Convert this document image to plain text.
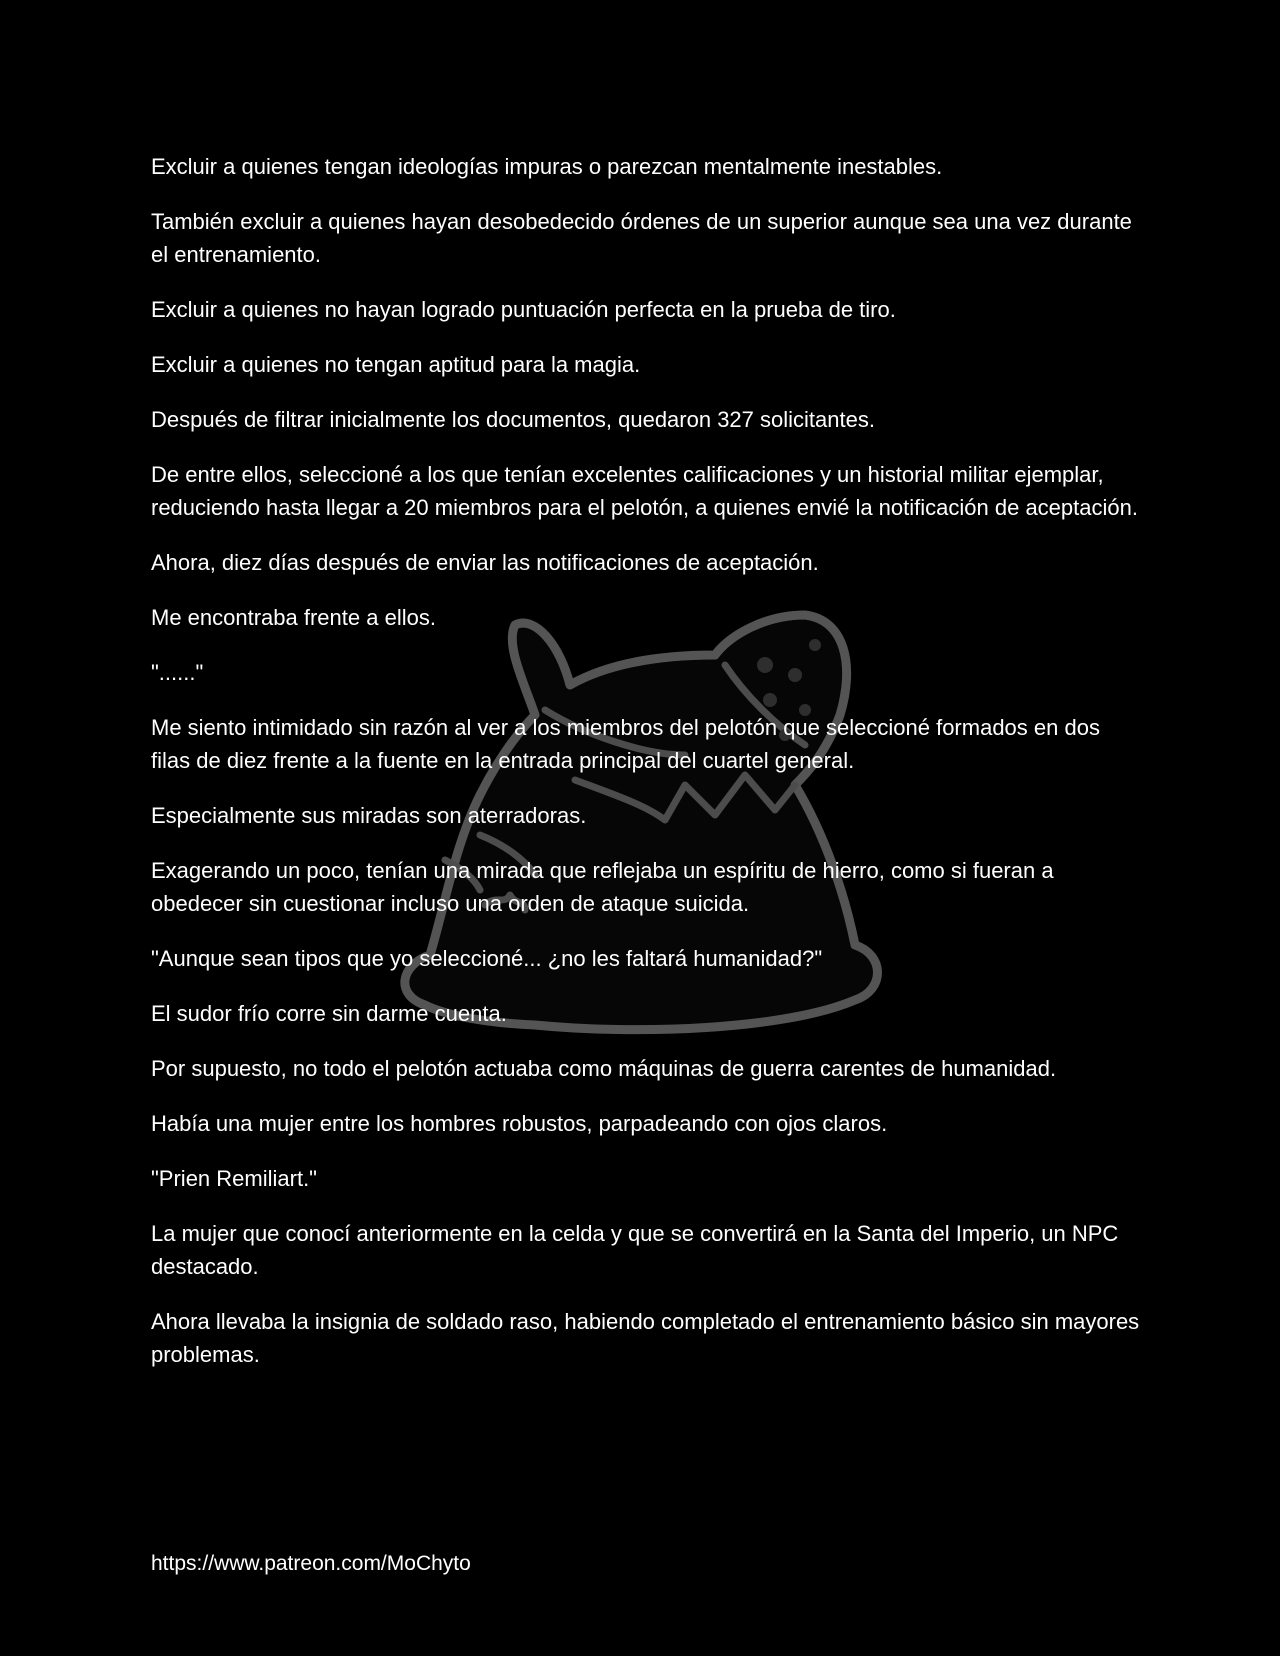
Excluir a quienes tengan ideologías impuras o parezcan mentalmente inestables.

También excluir a quienes hayan desobedecido órdenes de un superior aunque sea una vez durante el entrenamiento.

Excluir a quienes no hayan logrado puntuación perfecta en la prueba de tiro.

Excluir a quienes no tengan aptitud para la magia.

Después de filtrar inicialmente los documentos, quedaron 327 solicitantes.

De entre ellos, seleccioné a los que tenían excelentes calificaciones y un historial militar ejemplar, reduciendo hasta llegar a 20 miembros para el pelotón, a quienes envié la notificación de aceptación.

Ahora, diez días después de enviar las notificaciones de aceptación.

Me encontraba frente a ellos.

"......"

Me siento intimidado sin razón al ver a los miembros del pelotón que seleccioné formados en dos filas de diez frente a la fuente en la entrada principal del cuartel general.

Especialmente sus miradas son aterradoras.

Exagerando un poco, tenían una mirada que reflejaba un espíritu de hierro, como si fueran a obedecer sin cuestionar incluso una orden de ataque suicida.

"Aunque sean tipos que yo seleccioné... ¿no les faltará humanidad?"

El sudor frío corre sin darme cuenta.

Por supuesto, no todo el pelotón actuaba como máquinas de guerra carentes de humanidad.

Había una mujer entre los hombres robustos, parpadeando con ojos claros.

"Prien Remiliart."

La mujer que conocí anteriormente en la celda y que se convertirá en la Santa del Imperio, un NPC destacado.

Ahora llevaba la insignia de soldado raso, habiendo completado el entrenamiento básico sin mayores problemas.

https://www.patreon.com/MoChyto
